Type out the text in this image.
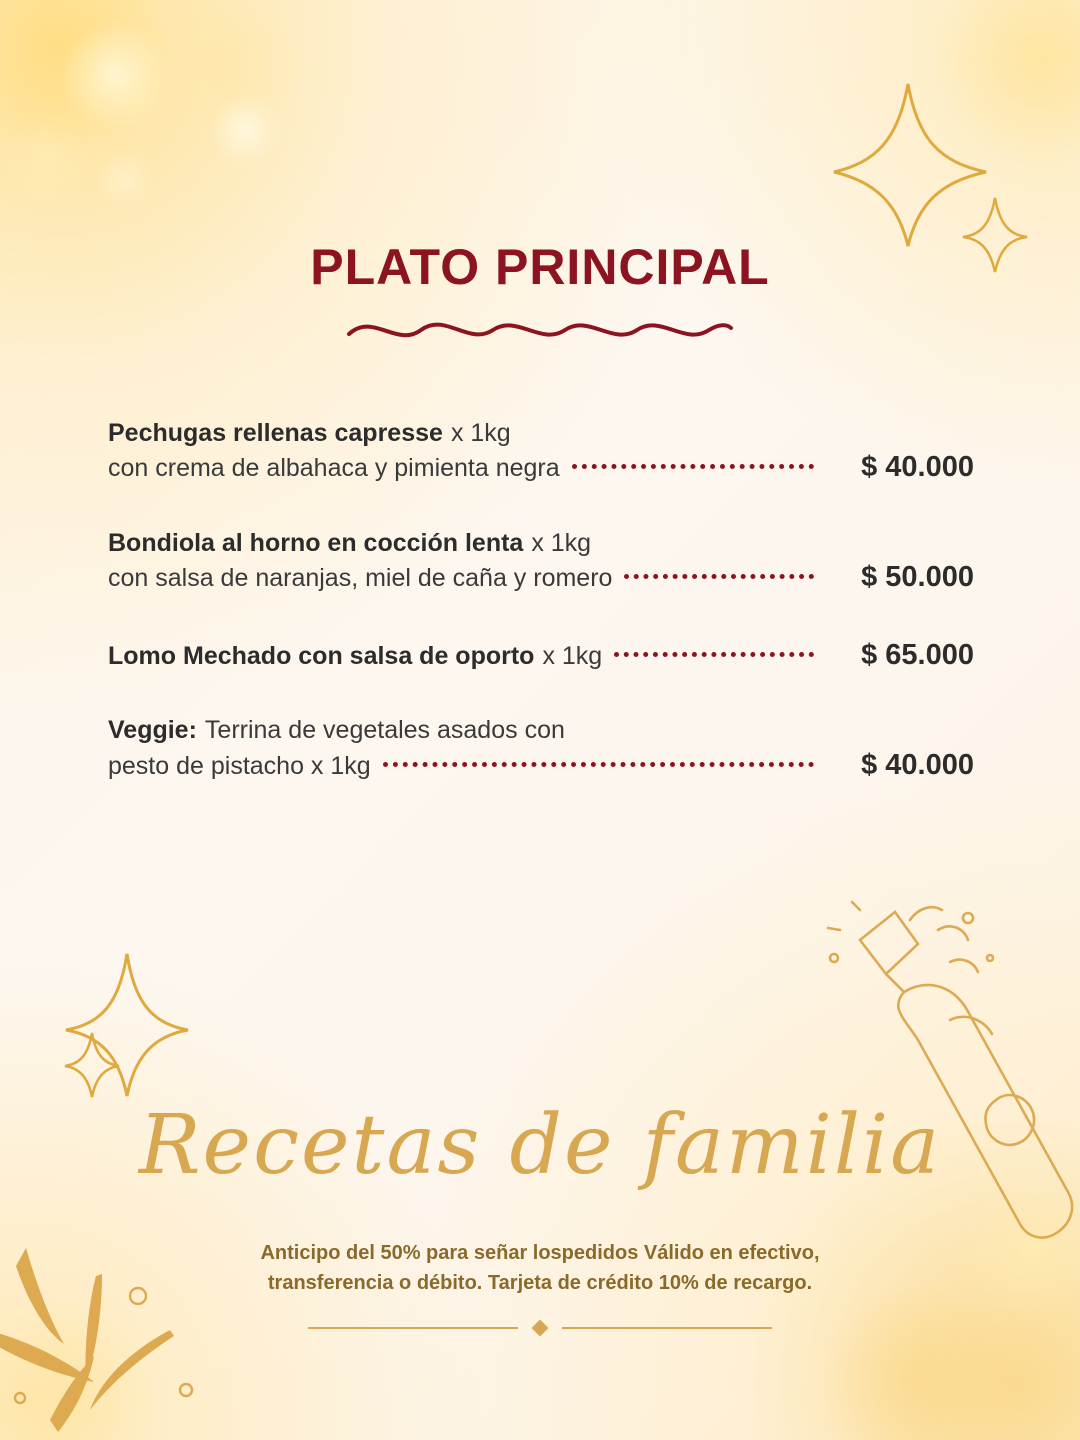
PLATO PRINCIPAL
Pechugas rellenas capresse x 1kg
con crema de albahaca y pimienta negra	$ 40.000
Bondiola al horno en cocción lenta x 1kg
con salsa de naranjas, miel de caña y romero	$ 50.000
Lomo Mechado con salsa de oporto x 1kg	$ 65.000
Veggie: Terrina de vegetales asados con
pesto de pistacho x 1kg	$ 40.000
Recetas de familia
Anticipo del 50% para señar lospedidos Válido en efectivo,
transferencia o débito. Tarjeta de crédito 10% de recargo.
